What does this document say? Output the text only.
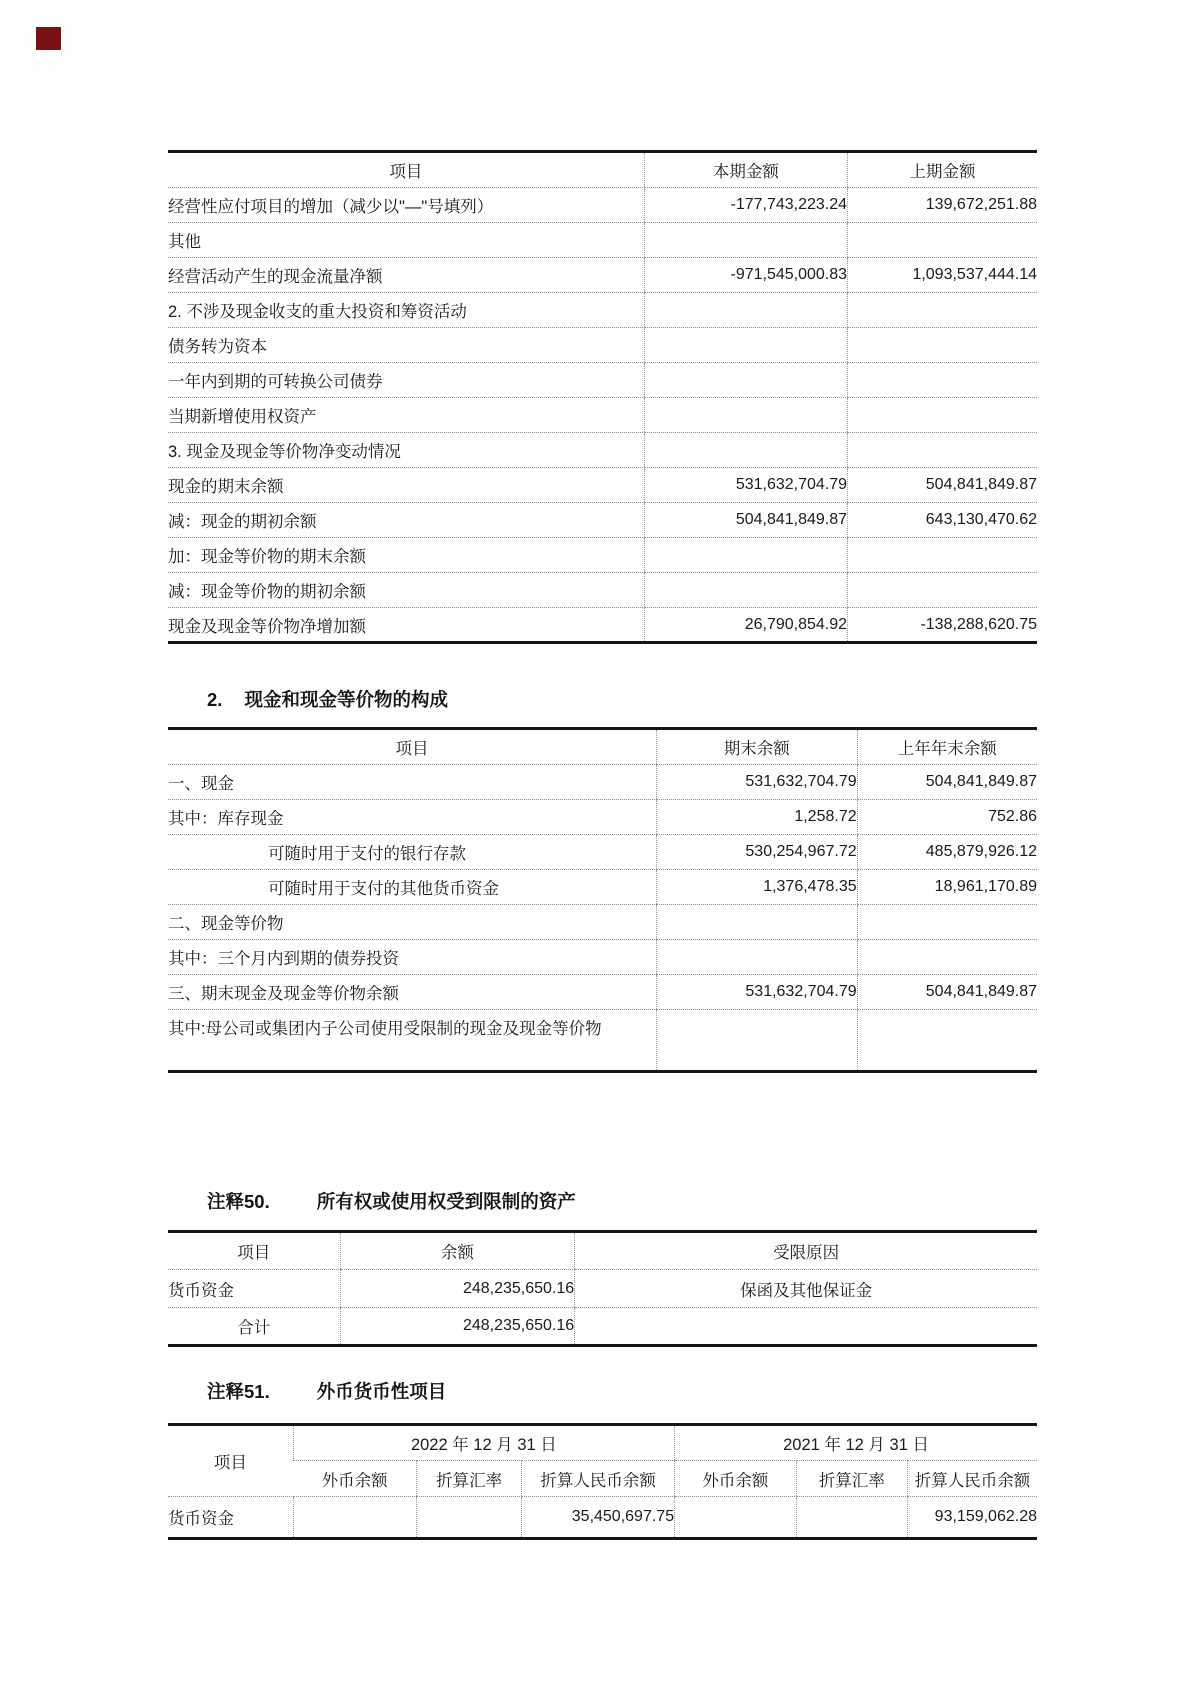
项目	本期金额	上期金额
经营性应付项目的增加（减少以"—"号填列）	-177,743,223.24	139,672,251.88
其他		
经营活动产生的现金流量净额	-971,545,000.83	1,093,537,444.14
2. 不涉及现金收支的重大投资和筹资活动		
债务转为资本		
一年内到期的可转换公司债券		
当期新增使用权资产		
3. 现金及现金等价物净变动情况		
现金的期末余额	531,632,704.79	504,841,849.87
减：现金的期初余额	504,841,849.87	643,130,470.62
加：现金等价物的期末余额		
减：现金等价物的期初余额		
现金及现金等价物净增加额	26,790,854.92	-138,288,620.75
2. 现金和现金等价物的构成
项目	期末余额	上年年末余额
一、现金	531,632,704.79	504,841,849.87
其中：库存现金	1,258.72	752.86
可随时用于支付的银行存款	530,254,967.72	485,879,926.12
可随时用于支付的其他货币资金	1,376,478.35	18,961,170.89
二、现金等价物		
其中：三个月内到期的债券投资		
三、期末现金及现金等价物余额	531,632,704.79	504,841,849.87
其中:母公司或集团内子公司使用受限制的现金及现金等价物		
注释50.	所有权或使用权受到限制的资产
项目	余额	受限原因
货币资金	248,235,650.16	保函及其他保证金
合计	248,235,650.16	
注释51.	外币货币性项目
项目	2022 年 12 月 31 日			2021 年 12 月 31 日		
	外币余额	折算汇率	折算人民币余额	外币余额	折算汇率	折算人民币余额
货币资金			35,450,697.75			93,159,062.28
